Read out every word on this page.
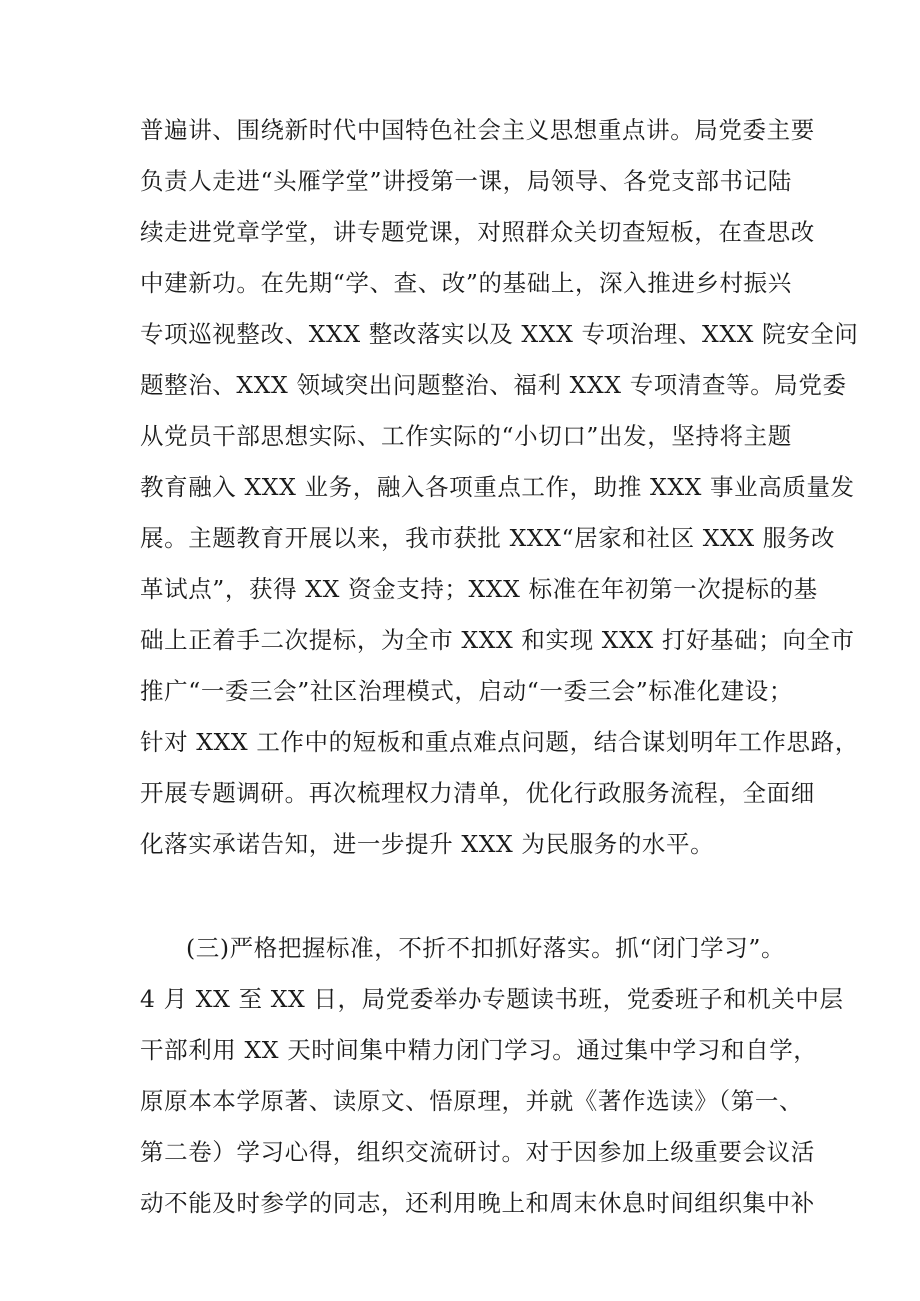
普遍讲、围绕新时代中国特色社会主义思想重点讲。局党委主要
负责人走进“头雁学堂”讲授第一课，局领导、各党支部书记陆
续走进党章学堂，讲专题党课，对照群众关切查短板，在查思改
中建新功。在先期“学、查、改”的基础上，深入推进乡村振兴
专项巡视整改、XXX 整改落实以及 XXX 专项治理、XXX 院安全问
题整治、XXX 领域突出问题整治、福利 XXX 专项清查等。局党委
从党员干部思想实际、工作实际的“小切口”出发，坚持将主题
教育融入 XXX 业务，融入各项重点工作，助推 XXX 事业高质量发
展。主题教育开展以来，我市获批 XXX“居家和社区 XXX 服务改
革试点”，获得 XX 资金支持；XXX 标准在年初第一次提标的基
础上正着手二次提标，为全市 XXX 和实现 XXX 打好基础；向全市
推广“一委三会”社区治理模式，启动“一委三会”标准化建设；
针对 XXX 工作中的短板和重点难点问题，结合谋划明年工作思路，
开展专题调研。再次梳理权力清单，优化行政服务流程，全面细
化落实承诺告知，进一步提升 XXX 为民服务的水平。
(三)严格把握标准，不折不扣抓好落实。抓“闭门学习”。
4 月 XX 至 XX 日，局党委举办专题读书班，党委班子和机关中层
干部利用 XX 天时间集中精力闭门学习。通过集中学习和自学，
原原本本学原著、读原文、悟原理，并就《著作选读》（第一、
第二卷）学习心得，组织交流研讨。对于因参加上级重要会议活
动不能及时参学的同志，还利用晚上和周末休息时间组织集中补
